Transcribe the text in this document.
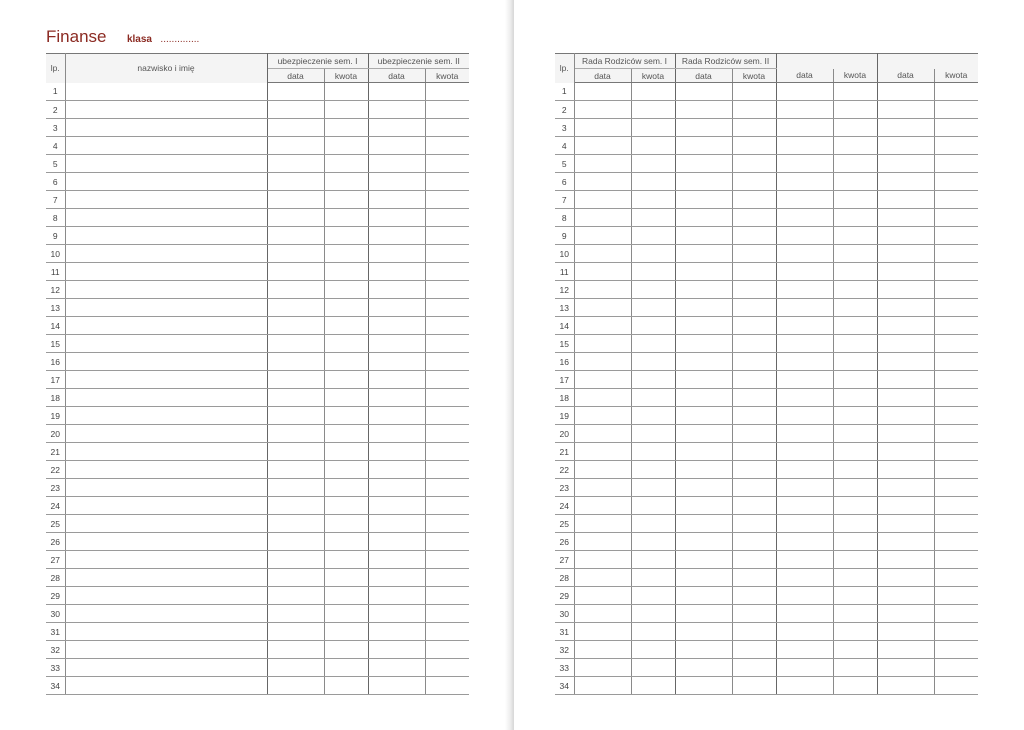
Finanse klasa ..............
lp.	nazwisko i imię	ubezpieczenie sem. I		ubezpieczenie sem. II	
		data	kwota	data	kwota
1					
2					
3					
4					
5					
6					
7					
8					
9					
10					
11					
12					
13					
14					
15					
16					
17					
18					
19					
20					
21					
22					
23					
24					
25					
26					
27					
28					
29					
30					
31					
32					
33					
34					
lp.	Rada Rodziców sem. I		Rada Rodziców sem. II					
	data	kwota	data	kwota	data	kwota	data	kwota
1								
2								
3								
4								
5								
6								
7								
8								
9								
10								
11								
12								
13								
14								
15								
16								
17								
18								
19								
20								
21								
22								
23								
24								
25								
26								
27								
28								
29								
30								
31								
32								
33								
34								
